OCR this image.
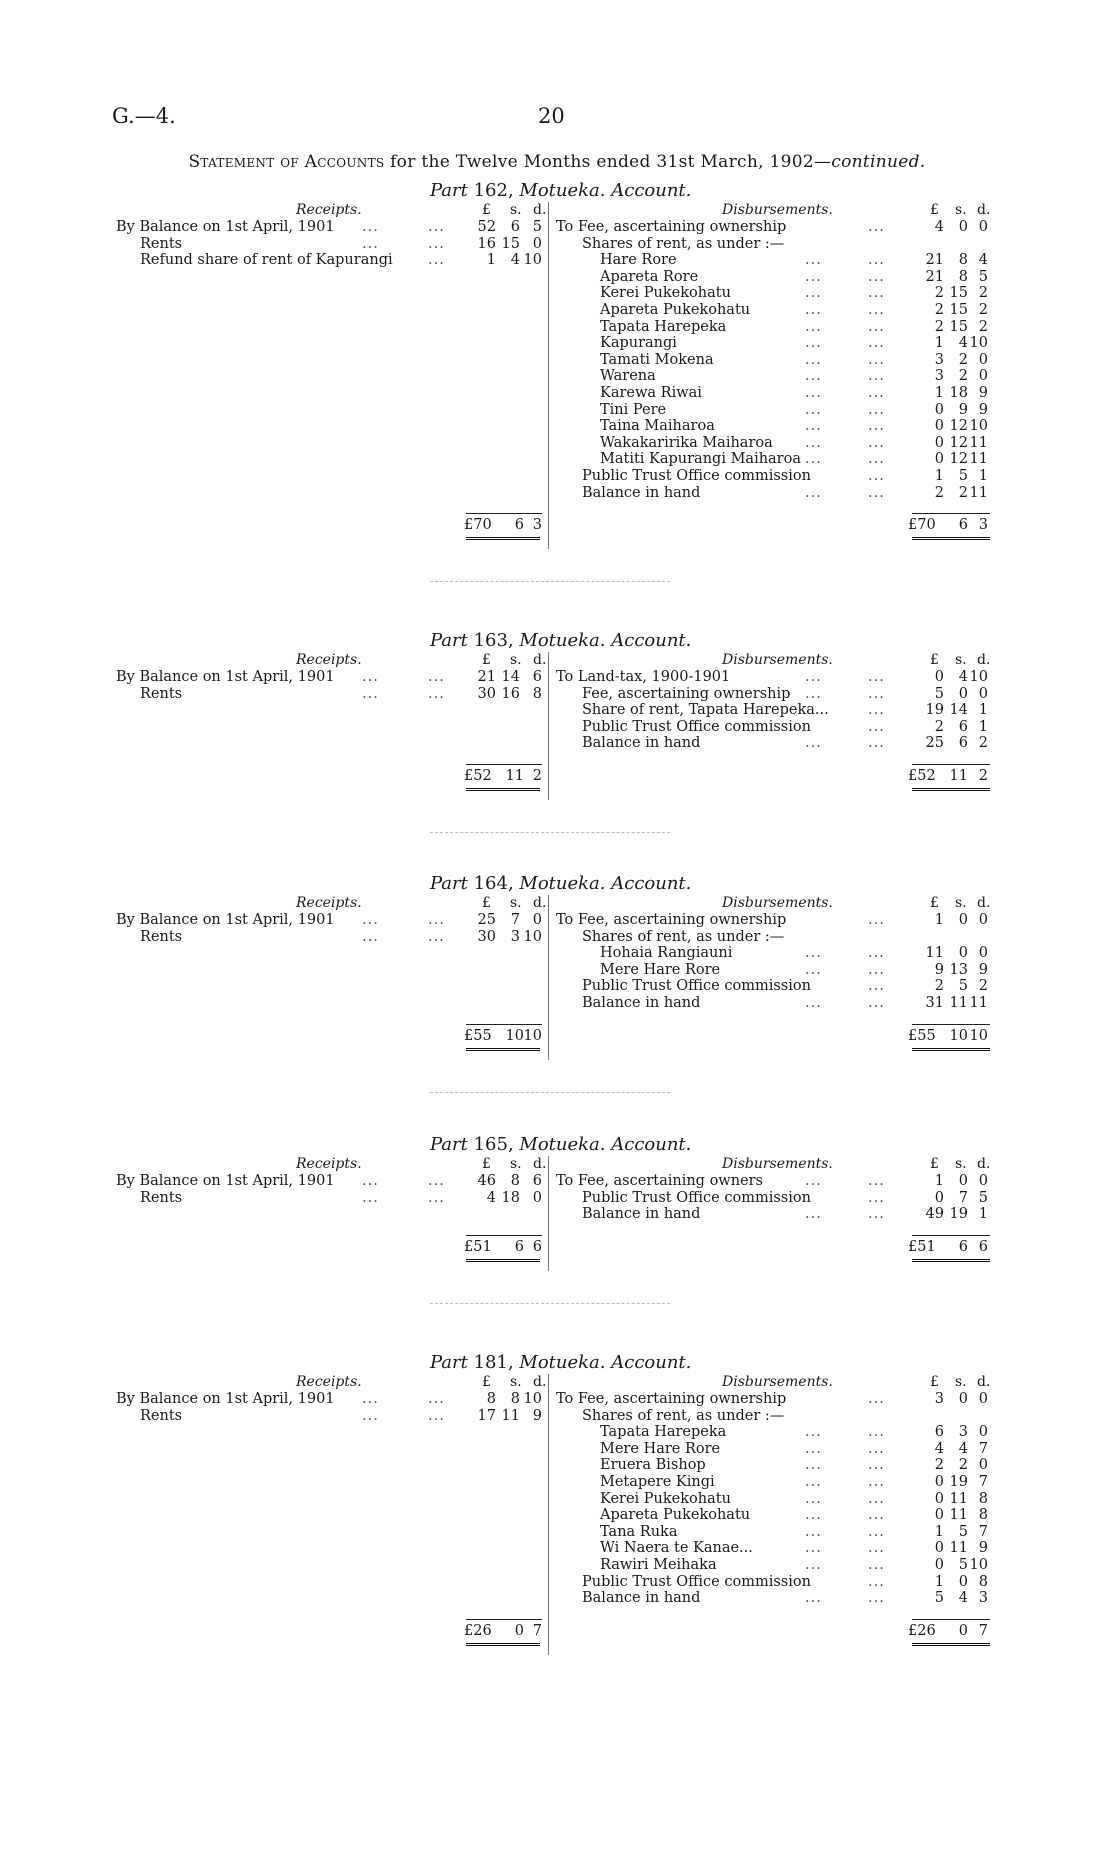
G.—4.	20
Statement of Accounts for the Twelve Months ended 31st March, 1902—continued.
Part 162, Motueka. Account.
Receipts.	£ s. d.	Disbursements.	£ s. d.
By Balance on 1st April, 1901 ...	...	52	6 5
Rents	...	...	16 15 0
Refund share of rent of Kapurangi ...	1	4 10
To Fee, ascertaining ownership	...	4	0 0
Shares of rent, as under :—
Hare Rore	...	...	21	8 4
Apareta Rore	...	...	21	8 5
Kerei Pukekohatu	...	...	2 15 2
Apareta Pukekohatu	...	...	2 15 2
Tapata Harepeka	...	...	2 15 2
Kapurangi	...	...	1	4 10
Tamati Mokena	...	...	3	2 0
Warena	...	...	3	2 0
Karewa Riwai	...	...	1 18 9
Tini Pere	...	...	0	9 9
Taina Maiharoa	...	...	0 12 10
Wakakaririka Maiharoa ...	...	0 12 11
Matiti Kapurangi Maiharoa ...	...	0 12 11
Public Trust Office commission	...	1	5 1
Balance in hand	...	...	2	2 11
£70	6 3	£70	6 3
Part 163, Motueka. Account.
Receipts.	£ s. d.	Disbursements.	£ s. d.
By Balance on 1st April, 1901 ...	...	21 14 6
Rents	...	...	30 16 8
To Land-tax, 1900-1901	...	...	0	4 10
Fee, ascertaining ownership ...	...	5	0 0
Share of rent, Tapata Harepeka...	...	19 14 1
Public Trust Office commission	...	2	6 1
Balance in hand	...	...	25	6 2
£52 11 2	£52 11 2
Part 164, Motueka. Account.
Receipts.	£ s. d.	Disbursements.	£ s. d.
By Balance on 1st April, 1901 ...	...	25	7 0
Rents	...	...	30	3 10
To Fee, ascertaining ownership	...	1	0 0
Shares of rent, as under :—
Hohaia Rangiauni	...	...	11	0 0
Mere Hare Rore	...	...	9 13 9
Public Trust Office commission	...	2	5 2
Balance in hand	...	...	31 11 11
£55 10 10	£55 10 10
Part 165, Motueka. Account.
Receipts.	£ s. d.	Disbursements.	£ s. d.
By Balance on 1st April, 1901 ...	...	46	8 6
Rents	...	...	4 18 0
To Fee, ascertaining owners	...	...	1	0 0
Public Trust Office commission	...	0	7 5
Balance in hand	...	...	49 19 1
£51	6 6	£51	6 6
Part 181, Motueka. Account.
Receipts.	£ s. d.	Disbursements.	£ s. d.
By Balance on 1st April, 1901 ...	...	8	8 10
Rents	...	...	17 11 9
To Fee, ascertaining ownership	...	3	0 0
Shares of rent, as under :—
Tapata Harepeka	...	...	6	3 0
Mere Hare Rore	...	...	4	4 7
Eruera Bishop	...	...	2	2 0
Metapere Kingi	...	...	0 19 7
Kerei Pukekohatu	...	...	0 11 8
Apareta Pukekohatu	...	...	0 11 8
Tana Ruka	...	...	1	5 7
Wi Naera te Kanae...	...	...	0 11 9
Rawiri Meihaka	...	...	0	5 10
Public Trust Office commission	...	1	0 8
Balance in hand	...	...	5	4 3
£26	0 7	£26	0 7
